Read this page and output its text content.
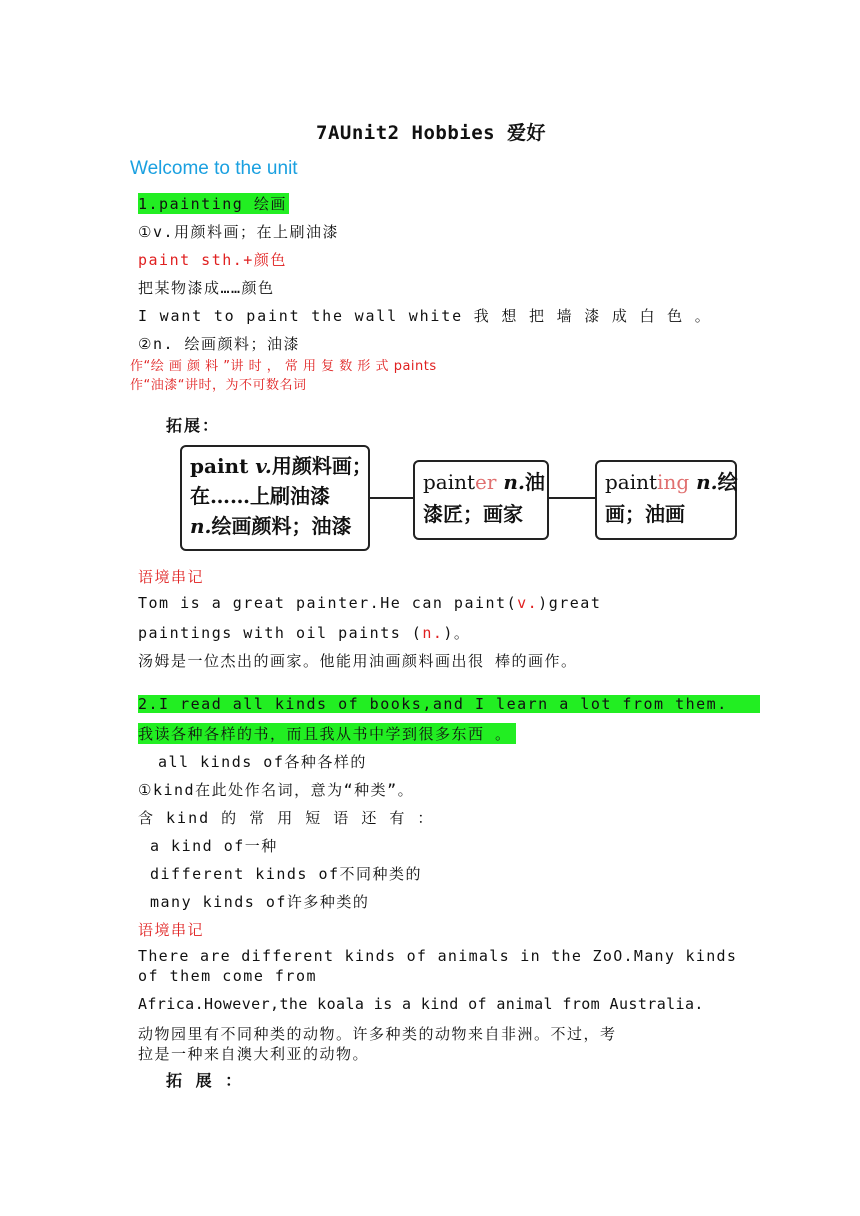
7AUnit2 Hobbies 爱好
Welcome to the unit
1.painting 绘画
①v.用颜料画；在上刷油漆
paint sth.+颜色
把某物漆成……颜色
I want to paint the wall white 我 想 把 墙 漆 成 白 色 。
②n. 绘画颜料；油漆
作“绘 画 颜 料 ”讲 时 ， 常 用 复 数 形 式 paints
作“油漆“讲时，为不可数名词
拓展：
paint v.用颜料画；
在……上刷油漆
n.绘画颜料；油漆
painter n.油
漆匠；画家
painting n.绘
画；油画
语境串记
Tom is a great painter.He can paint(v.)great
paintings with oil paints (n.)。
汤姆是一位杰出的画家。他能用油画颜料画出很 棒的画作。
2.I read all kinds of books,and I learn a lot from them.
我读各种各样的书，而且我从书中学到很多东西 。
all kinds of各种各样的
①kind在此处作名词，意为“种类”。
含 kind 的 常 用 短 语 还 有 ：
a kind of一种
different kinds of不同种类的
many kinds of许多种类的
语境串记
There are different kinds of animals in the ZoO.Many kinds
of them come from
Africa.However,the koala is a kind of animal from Australia.
动物园里有不同种类的动物。许多种类的动物来自非洲。不过，考
拉是一种来自澳大利亚的动物。
拓 展 ：
